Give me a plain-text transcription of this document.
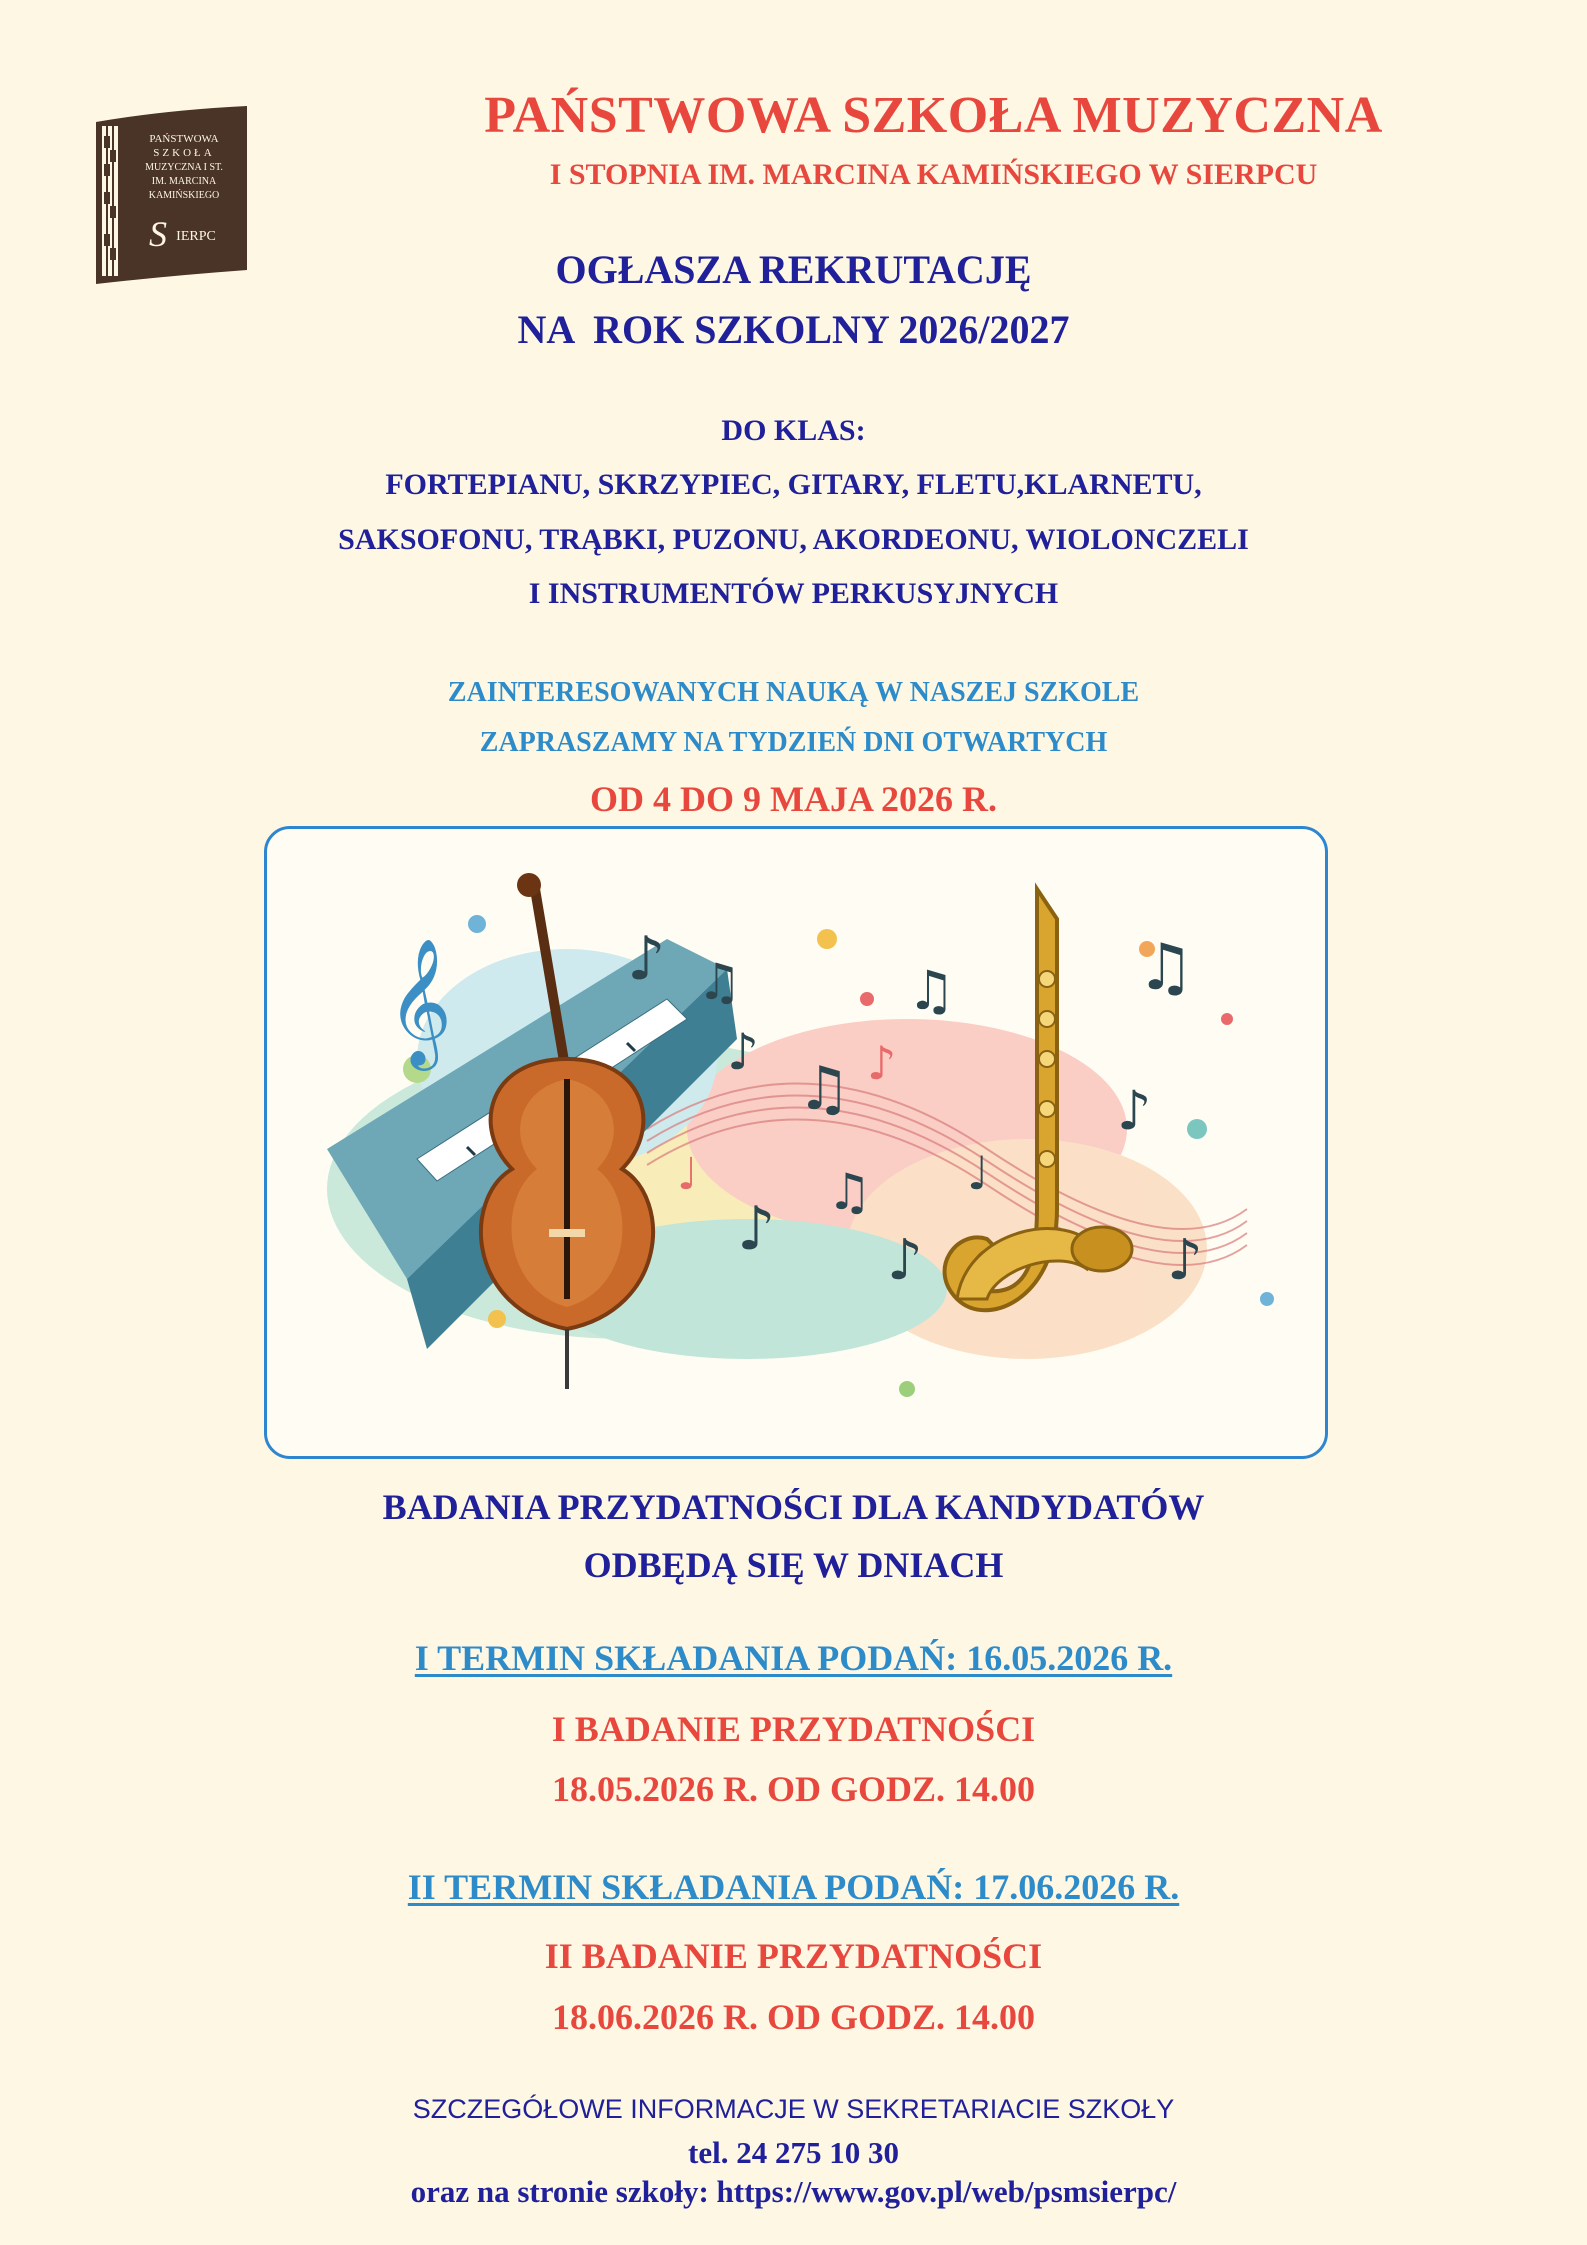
PAŃSTWOWA
SZKOŁA
MUZYCZNA I ST.
IM. MARCINA
KAMIŃSKIEGO
S IERPC
PAŃSTWOWA SZKOŁA MUZYCZNA
I STOPNIA IM. MARCINA KAMIŃSKIEGO W SIERPCU
OGŁASZA REKRUTACJĘ
NA  ROK SZKOLNY 2026/2027
DO KLAS:
FORTEPIANU, SKRZYPIEC, GITARY, FLETU,KLARNETU,
SAKSOFONU, TRĄBKI, PUZONU, AKORDEONU, WIOLONCZELI
I INSTRUMENTÓW PERKUSYJNYCH
ZAINTERESOWANYCH NAUKĄ W NASZEJ SZKOLE
ZAPRASZAMY NA TYDZIEŃ DNI OTWARTYCH
OD 4 DO 9 MAJA 2026 R.
𝄞	♪ ♫
♪
♫ ♪
♫
♪
♫
♪
♫
♪
♪
♩	♩
BADANIA PRZYDATNOŚCI DLA KANDYDATÓW
ODBĘDĄ SIĘ W DNIACH
I TERMIN SKŁADANIA PODAŃ: 16.05.2026 R.
I BADANIE PRZYDATNOŚCI
18.05.2026 R. OD GODZ. 14.00
II TERMIN SKŁADANIA PODAŃ: 17.06.2026 R.
II BADANIE PRZYDATNOŚCI
18.06.2026 R. OD GODZ. 14.00
SZCZEGÓŁOWE INFORMACJE W SEKRETARIACIE SZKOŁY
tel. 24 275 10 30
oraz na stronie szkoły: https://www.gov.pl/web/psmsierpc/
